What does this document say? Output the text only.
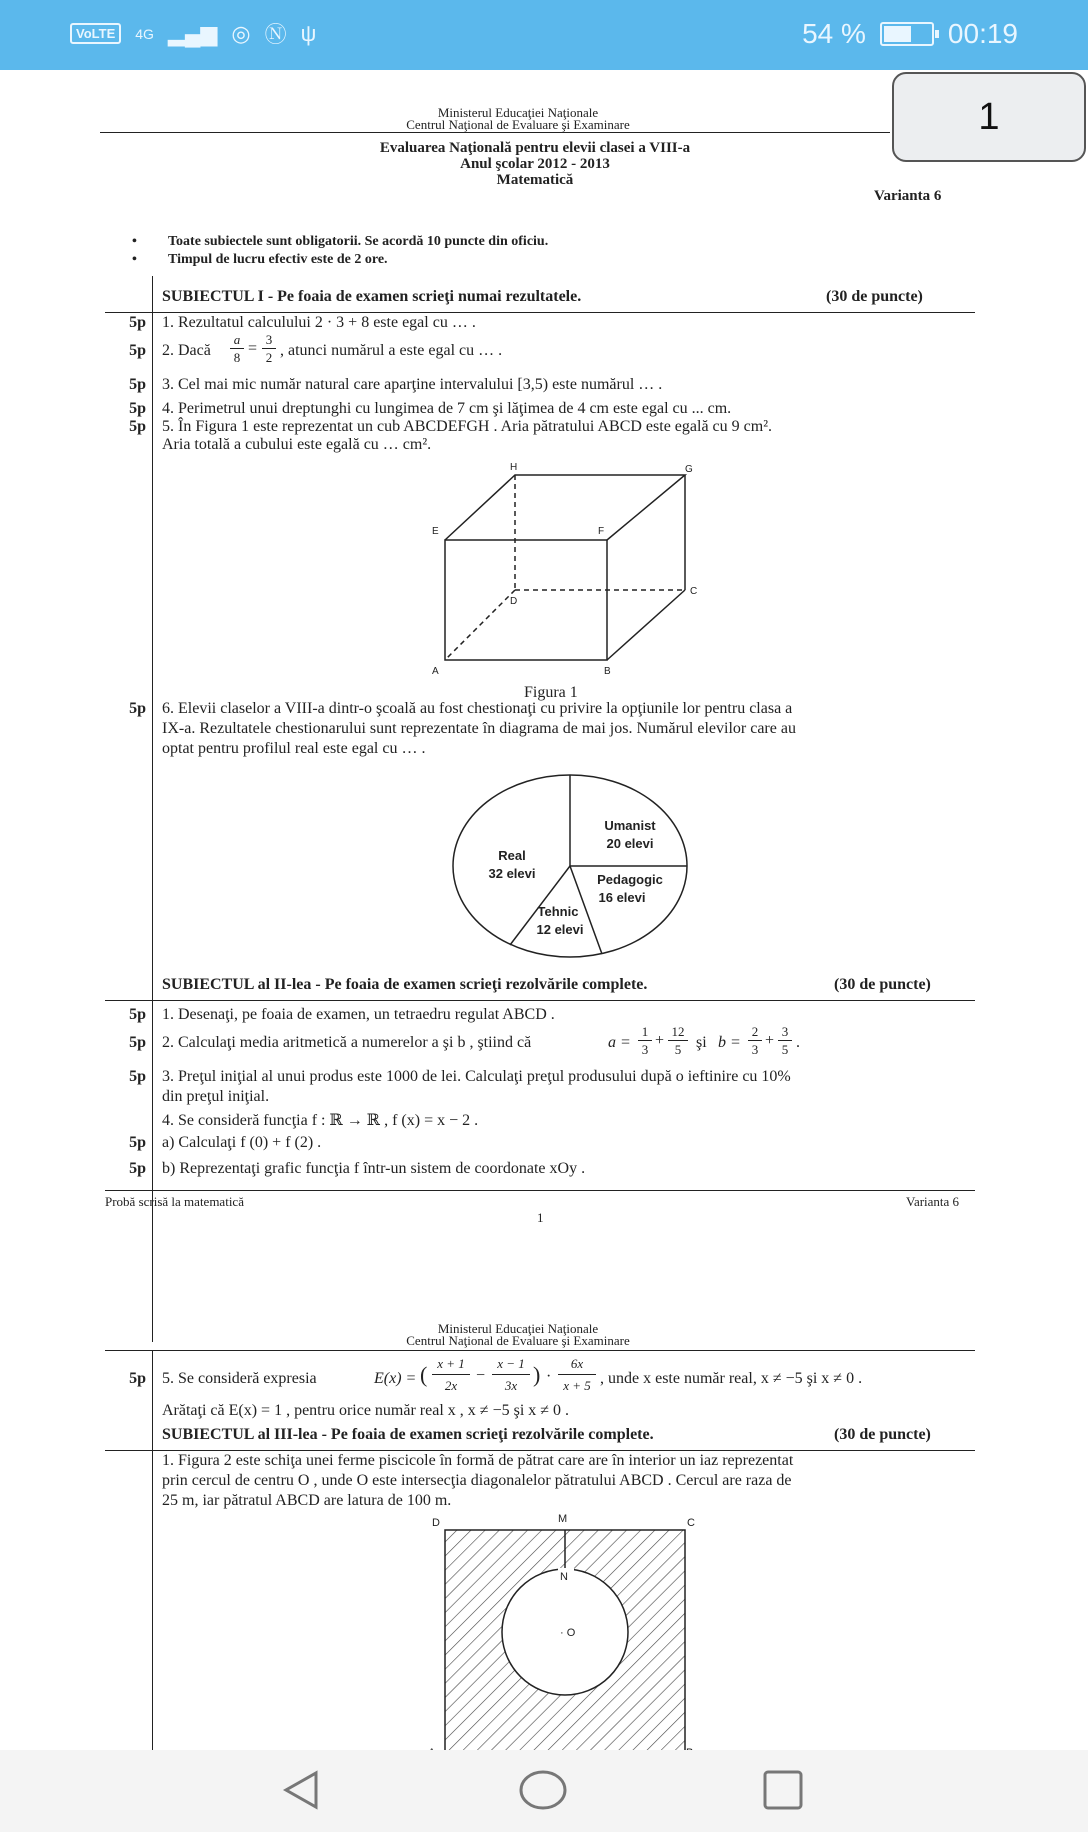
VoLTE	4G ▂▄▆ ◎ Ⓝ ψ	54 %	00:19
Ministerul Educaţiei Naţionale
Centrul Naţional de Evaluare şi Examinare
Evaluarea Naţională pentru elevii clasei a VIII-a
Anul şcolar 2012 - 2013
Matematică
Varianta 6
• Toate subiectele sunt obligatorii. Se acordă 10 puncte din oficiu.
• Timpul de lucru efectiv este de 2 ore.
SUBIECTUL I - Pe foaia de examen scrieţi numai rezultatele.	(30 de puncte)
5p 1. Rezultatul calculului 2 · 3 + 8 este egal cu … .
5p 2. Dacă
a
8
=
3
2 , atunci numărul a este egal cu … .
5p 3. Cel mai mic număr natural care aparţine intervalului [3,5) este numărul … .
5p 4. Perimetrul unui dreptunghi cu lungimea de 7 cm şi lăţimea de 4 cm este egal cu ... cm.
5p 5. În Figura 1 este reprezentat un cub ABCDEFGH . Aria pătratului ABCD este egală cu 9 cm².
Aria totală a cubului este egală cu … cm².
H	G
E	F
D
C
A	B
Figura 1
5p 6. Elevii claselor a VIII-a dintr-o şcoală au fost chestionaţi cu privire la opţiunile lor pentru clasa a
IX-a. Rezultatele chestionarului sunt reprezentate în diagrama de mai jos. Numărul elevilor care au
optat pentru profilul real este egal cu … .
Real
32 elevi
Umanist
20 elevi
Pedagogic
16 elevi
Tehnic
12 elevi
SUBIECTUL al II-lea - Pe foaia de examen scrieţi rezolvările complete.	(30 de puncte)
5p 1. Desenaţi, pe foaia de examen, un tetraedru regulat ABCD .
5p 2. Calculaţi media aritmetică a numerelor a şi b , ştiind că	a =
1
3
+
12
5 şi b =
2
3
+
3
5 .
5p 3. Preţul iniţial al unui produs este 1000 de lei. Calculaţi preţul produsului după o ieftinire cu 10%
din preţul iniţial.
4. Se consideră funcţia f : ℝ → ℝ , f (x) = x − 2 .
5p a) Calculaţi f (0) + f (2) .
5p b) Reprezentaţi grafic funcţia f într-un sistem de coordonate xOy .
Probă scrisă la matematică	Varianta 6
1
Ministerul Educaţiei Naţionale
Centrul Naţional de Evaluare şi Examinare
5p 5. Se consideră expresia	E(x) = ( x + 1
2x
−
x − 1
3x ) ·
6x
x + 5 , unde x este număr real, x ≠ −5 şi x ≠ 0 .
Arătaţi că E(x) = 1 , pentru orice număr real x , x ≠ −5 şi x ≠ 0 .
SUBIECTUL al III-lea - Pe foaia de examen scrieţi rezolvările complete.	(30 de puncte)
1. Figura 2 este schiţa unei ferme piscicole în formă de pătrat care are în interior un iaz reprezentat
prin cercul de centru O , unde O este intersecţia diagonalelor pătratului ABCD . Cercul are raza de
25 m, iar pătratul ABCD are latura de 100 m.
D	M	C
N
· O
1
